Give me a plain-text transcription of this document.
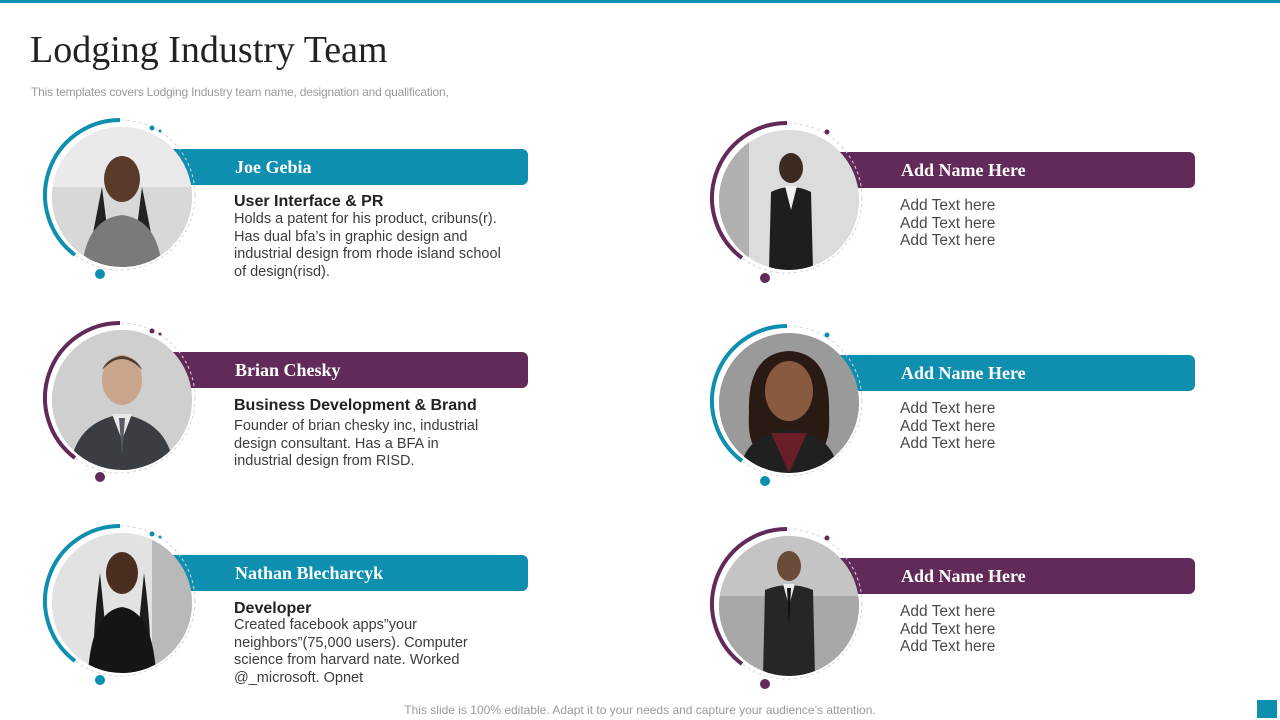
Lodging Industry Team
This templates covers Lodging Industry team name, designation and qualification,
Joe Gebia
User Interface & PR
Holds a patent for his product, cribuns(r). Has dual bfa’s in graphic design and industrial design from rhode island school of design(risd).
Brian Chesky
Business Development & Brand
Founder of brian chesky inc, industrial design consultant. Has a BFA in industrial design from RISD.
Nathan Blecharcyk
Developer
Created facebook apps”your neighbors”(75,000 users). Computer science from harvard nate. Worked @_microsoft. Opnet
Add Name Here
Add Text here
Add Text here
Add Text here
Add Name Here
Add Text here
Add Text here
Add Text here
Add Name Here
Add Text here
Add Text here
Add Text here
This slide is 100% editable. Adapt it to your needs and capture your audience’s attention.
